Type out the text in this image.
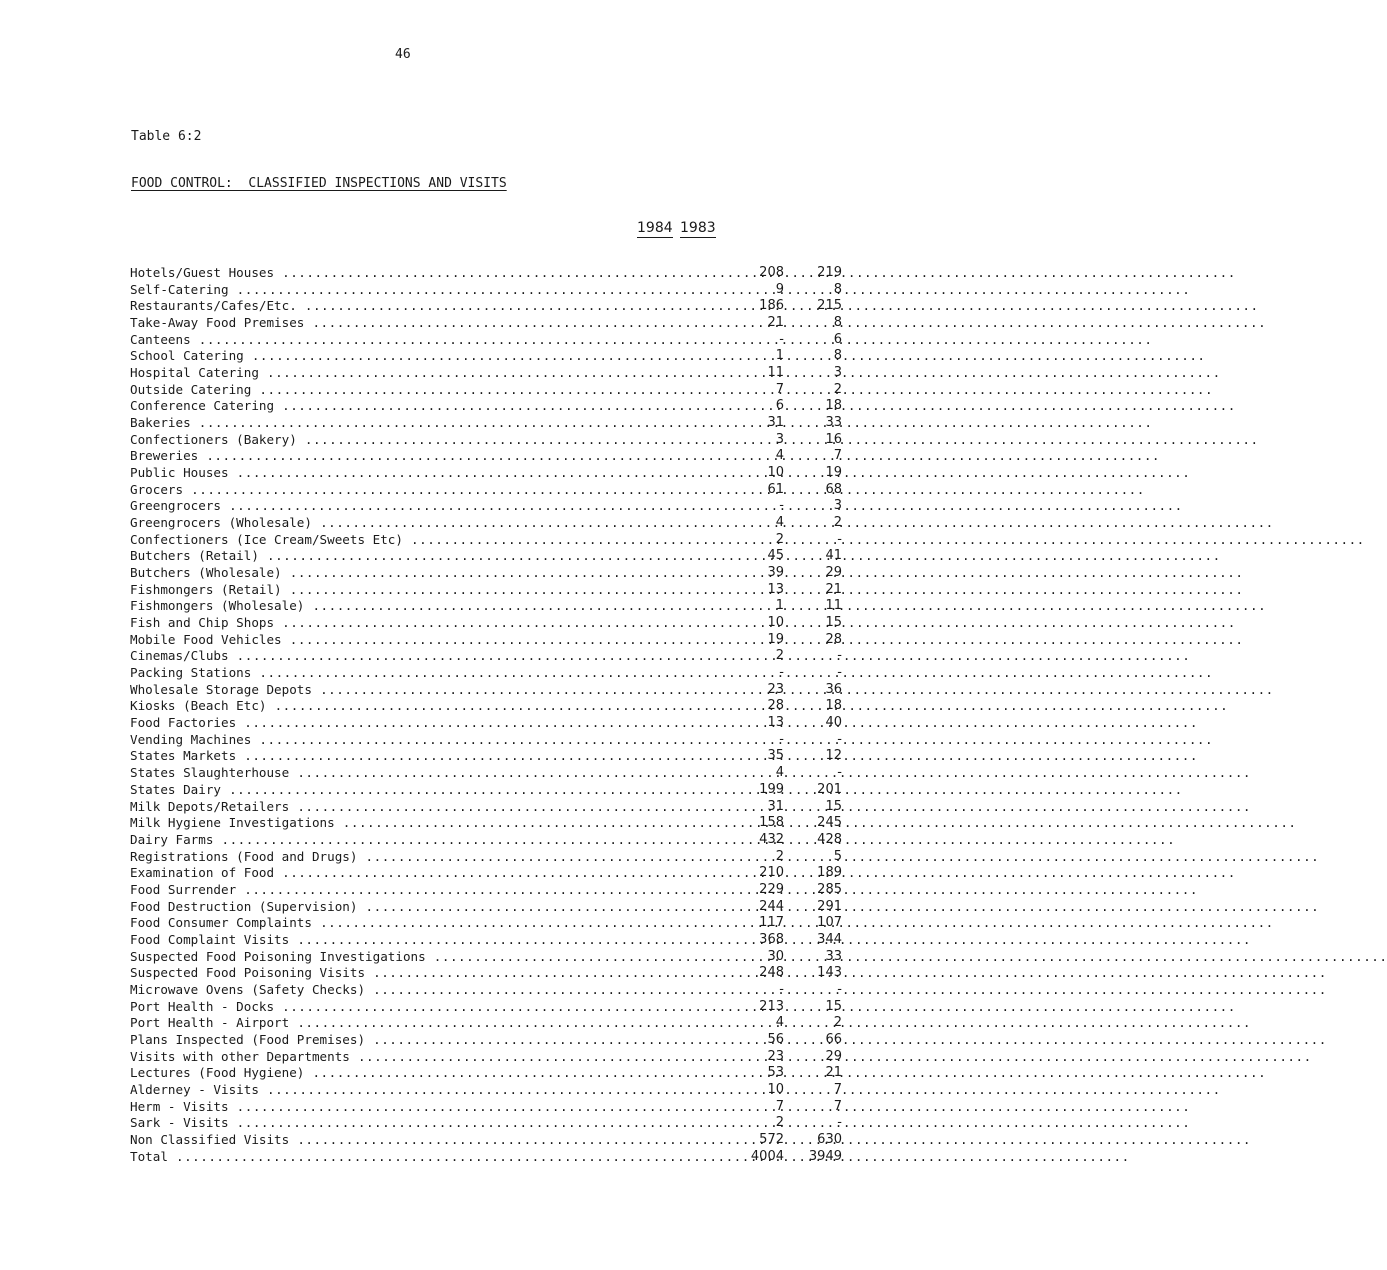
46
Table 6:2
FOOD CONTROL:  CLASSIFIED INSPECTIONS AND VISITS
1984 1983
Hotels/Guest Houses .....	208	219
Self-Catering .....	9	8
Restaurants/Cafes/Etc. .....	186	215
Take-Away Food Premises .....	21	8
Canteens .....	-	6
School Catering .....	1	8
Hospital Catering .....	11	3
Outside Catering .....	7	2
Conference Catering .....	6	18
Bakeries .....	31	33
Confectioners (Bakery) .....	3	16
Breweries .....	4	7
Public Houses .....	10	19
Grocers .....	61	68
Greengrocers .....	-	3
Greengrocers (Wholesale) .....	4	2
Confectioners (Ice Cream/Sweets Etc) .....	2	-
Butchers (Retail) .....	45	41
Butchers (Wholesale) .....	39	29
Fishmongers (Retail) .....	13	21
Fishmongers (Wholesale) .....	1	11
Fish and Chip Shops .....	10	15
Mobile Food Vehicles .....	19	28
Cinemas/Clubs .....	2	-
Packing Stations .....	-	-
Wholesale Storage Depots .....	23	36
Kiosks (Beach Etc) .....	28	18
Food Factories .....	13	40
Vending Machines .....	-	-
States Markets .....	35	12
States Slaughterhouse .....	4	-
States Dairy .....	199	201
Milk Depots/Retailers .....	31	15
Milk Hygiene Investigations .....	158	245
Dairy Farms .....	432	428
Registrations (Food and Drugs) .....	2	5
Examination of Food .....	210	189
Food Surrender .....	229	285
Food Destruction (Supervision) .....	244	291
Food Consumer Complaints .....	117	107
Food Complaint Visits .....	368	344
Suspected Food Poisoning Investigations .....	30	33
Suspected Food Poisoning Visits .....	248	143
Microwave Ovens (Safety Checks) .....	-	-
Port Health - Docks .....	213	15
Port Health - Airport .....	4	2
Plans Inspected (Food Premises) .....	56	66
Visits with other Departments .....	23	29
Lectures (Food Hygiene) .....	53	21
Alderney - Visits .....	10	7
Herm - Visits .....	7	7
Sark - Visits .....	2	-
Non Classified Visits .....	572	630
Total .....	4004	3949
